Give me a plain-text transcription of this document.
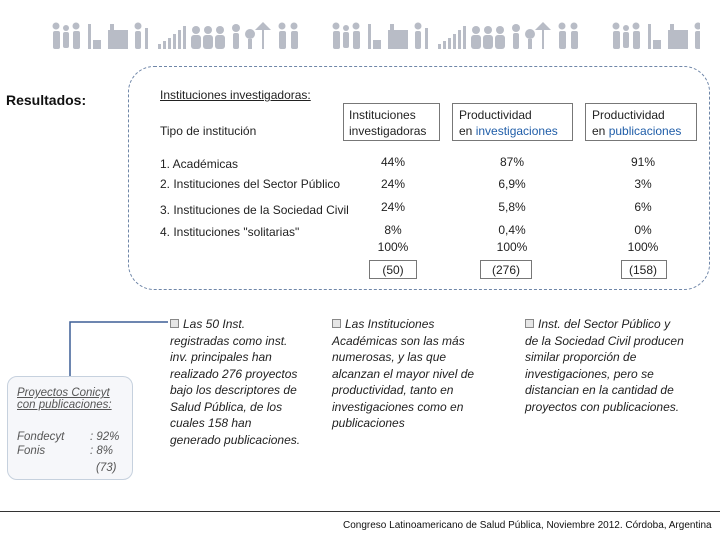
Resultados:	Instituciones investigadoras:
Tipo de institución
Instituciones
investigadoras
Productividad
en investigaciones
Productividad
en publicaciones
1. Académicas
2. Instituciones del Sector Público
3. Instituciones de la Sociedad Civil
4. Instituciones "solitarias"
44%
24%
24%
8%
100%
(50)
87%
6,9%
5,8%
0,4%
100%
(276)
91%
3%
6%
0%
100%
(158)
Las 50 Inst.
registradas como inst.
inv. principales han
realizado 276 proyectos
bajo los descriptores de
Salud Pública, de los
cuales 158 han
generado publicaciones.
Las Instituciones
Académicas son las más
numerosas, y las que
alcanzan el mayor nivel de
productividad, tanto en
investigaciones como en
publicaciones
Inst. del Sector Público y
de la Sociedad Civil producen
similar proporción de
investigaciones, pero se
distancian en la cantidad de
proyectos con publicaciones.
Proyectos Conicyt
con publicaciones:
Fondecyt : 92%
Fonis	: 8%
(73)
Congreso Latinoamericano de Salud Pública, Noviembre 2012. Córdoba, Argentina
